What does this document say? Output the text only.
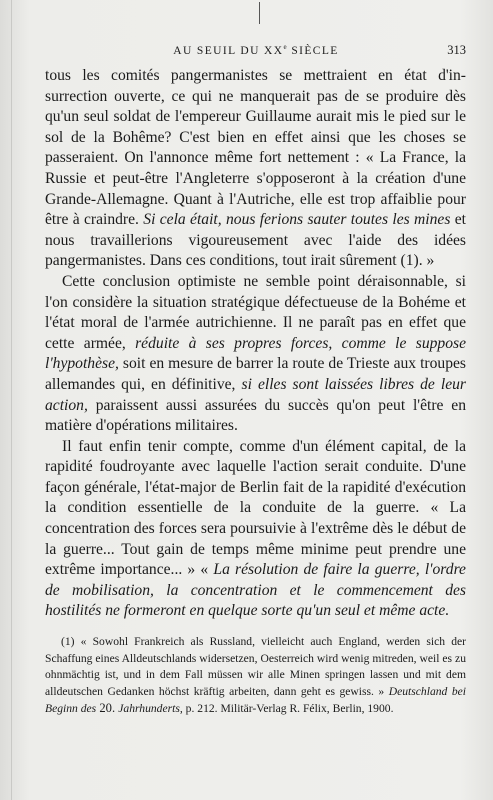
AU SEUIL DU XXe SIÈCLE	313

tous les comités pangermanistes se mettraient en état d'in-surrection ouverte, ce qui ne manquerait pas de se produire dès qu'un seul soldat de l'empereur Guillaume aurait mis le pied sur le sol de la Bohême? C'est bien en effet ainsi que les choses se passeraient. On l'annonce même fort nettement : « La France, la Russie et peut-être l'Angleterre s'opposeront à la création d'une Grande-Allemagne. Quant à l'Autriche, elle est trop affaiblie pour être à craindre. Si cela était, nous ferions sauter toutes les mines et nous travaillerions vigoureusement avec l'aide des idées pangermanistes. Dans ces conditions, tout irait sûrement (1). »

Cette conclusion optimiste ne semble point déraisonnable, si l'on considère la situation stratégique défectueuse de la Bohéme et l'état moral de l'armée autrichienne. Il ne paraît pas en effet que cette armée, réduite à ses propres forces, comme le suppose l'hypothèse, soit en mesure de barrer la route de Trieste aux troupes allemandes qui, en définitive, si elles sont laissées libres de leur action, paraissent aussi assurées du succès qu'on peut l'être en matière d'opérations militaires.

Il faut enfin tenir compte, comme d'un élément capital, de la rapidité foudroyante avec laquelle l'action serait conduite. D'une façon générale, l'état-major de Berlin fait de la rapidité d'exécution la condition essentielle de la conduite de la guerre. « La concentration des forces sera poursuivie à l'extrême dès le début de la guerre... Tout gain de temps même minime peut prendre une extrême importance... » « La résolution de faire la guerre, l'ordre de mobilisation, la concentration et le commencement des hostilités ne formeront en quelque sorte qu'un seul et même acte.

(1) « Sowohl Frankreich als Russland, vielleicht auch England, werden sich der Schaffung eines Alldeutschlands widersetzen, Oesterreich wird wenig mitreden, weil es zu ohnmächtig ist, und in dem Fall müssen wir alle Minen springen lassen und mit dem alldeutschen Gedanken höchst kräftig arbeiten, dann geht es gewiss. » Deutschland bei Beginn des 20. Jahrhunderts, p. 212. Militär-Verlag R. Félix, Berlin, 1900.
